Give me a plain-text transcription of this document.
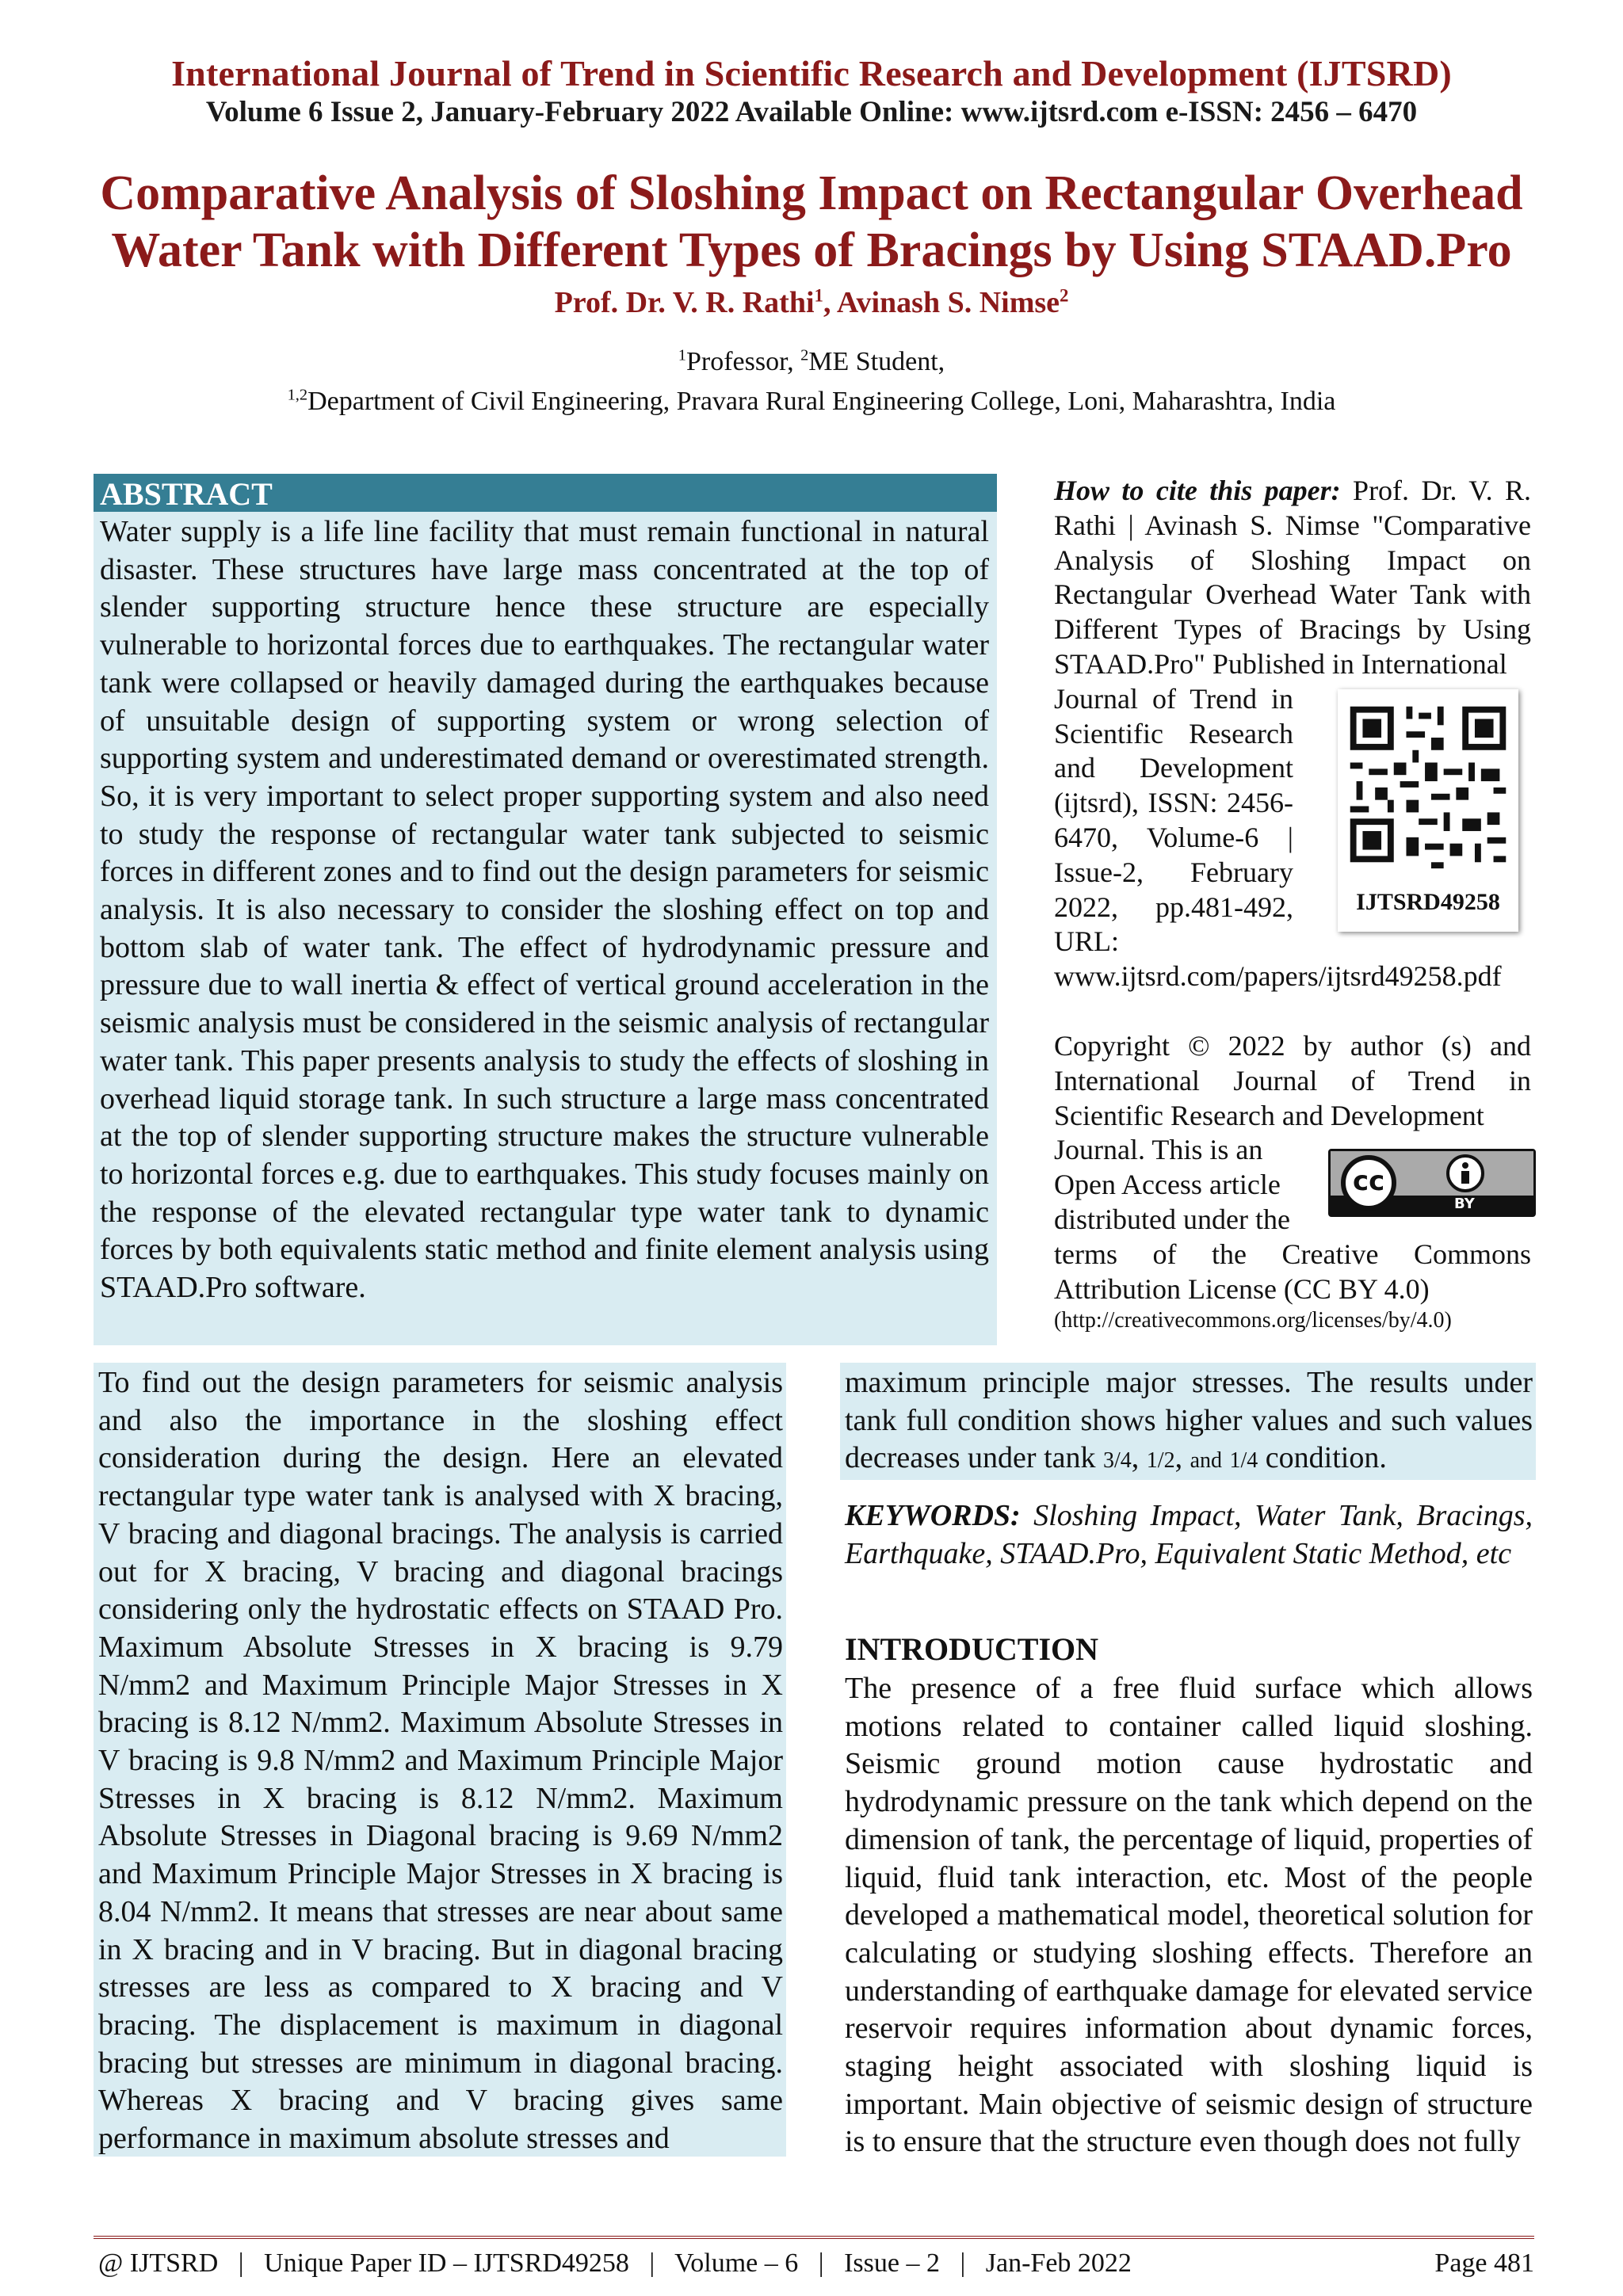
International Journal of Trend in Scientific Research and Development (IJTSRD)
Volume 6 Issue 2, January-February 2022 Available Online: www.ijtsrd.com e-ISSN: 2456 – 6470
Comparative Analysis of Sloshing Impact on Rectangular Overhead
Water Tank with Different Types of Bracings by Using STAAD.Pro
Prof. Dr. V. R. Rathi$^1$, Avinash S. Nimse$^2$
$^1$Professor, $^2$ME Student,
$^{1,2}$Department of Civil Engineering, Pravara Rural Engineering College, Loni, Maharashtra, India
ABSTRACT
Water supply is a life line facility that must remain functional in natural disaster. These structures have large mass concentrated at the top of slender supporting structure hence these structure are especially vulnerable to horizontal forces due to earthquakes. The rectangular water tank were collapsed or heavily damaged during the earthquakes because of unsuitable design of supporting system or wrong selection of supporting system and underestimated demand or overestimated strength. So, it is very important to select proper supporting system and also need to study the response of rectangular water tank subjected to seismic forces in different zones and to find out the design parameters for seismic analysis. It is also necessary to consider the sloshing effect on top and bottom slab of water tank. The effect of hydrodynamic pressure and pressure due to wall inertia & effect of vertical ground acceleration in the seismic analysis must be considered in the seismic analysis of rectangular water tank. This paper presents analysis to study the effects of sloshing in overhead liquid storage tank. In such structure a large mass concentrated at the top of slender supporting structure makes the structure vulnerable to horizontal forces e.g. due to earthquakes. This study focuses mainly on the response of the elevated rectangular type water tank to dynamic forces by both equivalents static method and finite element analysis using STAAD.Pro software.
How to cite this paper: Prof. Dr. V. R. Rathi | Avinash S. Nimse "Comparative Analysis of Sloshing Impact on Rectangular Overhead Water Tank with Different Types of Bracings by Using STAAD.Pro" Published in International
Journal of Trend in Scientific Research and Development (ijtsrd), ISSN: 2456-6470, Volume-6 | Issue-2, February 2022, pp.481-492, URL:
www.ijtsrd.com/papers/ijtsrd49258.pdf
Copyright © 2022 by author (s) and International Journal of Trend in Scientific Research and Development
Journal. This is an Open Access article distributed under the
terms of the Creative Commons Attribution License (CC BY 4.0)
(http://creativecommons.org/licenses/by/4.0)
IJTSRD49258
cc
BY
To find out the design parameters for seismic analysis and also the importance in the sloshing effect consideration during the design. Here an elevated rectangular type water tank is analysed with X bracing, V bracing and diagonal bracings. The analysis is carried out for X bracing, V bracing and diagonal bracings considering only the hydrostatic effects on STAAD Pro. Maximum Absolute Stresses in X bracing is 9.79 N/mm2 and Maximum Principle Major Stresses in X bracing is 8.12 N/mm2. Maximum Absolute Stresses in V bracing is 9.8 N/mm2 and Maximum Principle Major Stresses in X bracing is 8.12 N/mm2. Maximum Absolute Stresses in Diagonal bracing is 9.69 N/mm2 and Maximum Principle Major Stresses in X bracing is 8.04 N/mm2. It means that stresses are near about same in X bracing and in V bracing. But in diagonal bracing stresses are less as compared to X bracing and V bracing. The displacement is maximum in diagonal bracing but stresses are minimum in diagonal bracing. Whereas X bracing and V bracing gives same performance in maximum absolute stresses and
maximum principle major stresses. The results under tank full condition shows higher values and such values decreases under tank 3/4, 1/2, and 1/4 condition.
KEYWORDS: Sloshing Impact, Water Tank, Bracings, Earthquake, STAAD.Pro, Equivalent Static Method, etc
INTRODUCTION
The presence of a free fluid surface which allows motions related to container called liquid sloshing. Seismic ground motion cause hydrostatic and hydrodynamic pressure on the tank which depend on the dimension of tank, the percentage of liquid, properties of liquid, fluid tank interaction, etc. Most of the people developed a mathematical model, theoretical solution for calculating or studying sloshing effects. Therefore an understanding of earthquake damage for elevated service reservoir requires information about dynamic forces, staging height associated with sloshing liquid is important. Main objective of seismic design of structure is to ensure that the structure even though does not fully
@ IJTSRD   |   Unique Paper ID – IJTSRD49258   |   Volume – 6   |   Issue – 2   |   Jan-Feb 2022	Page 481
